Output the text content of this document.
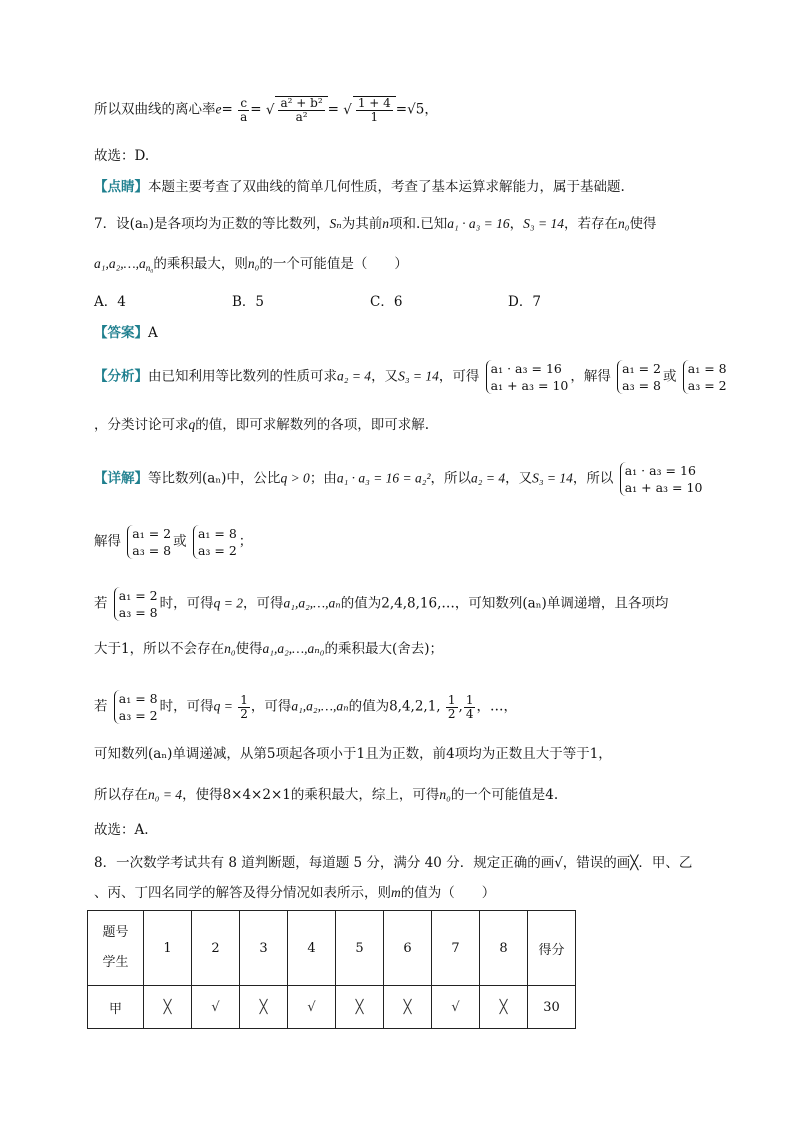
所以双曲线的离心率$e= \frac{c}{a}$ = √ $\frac{\text{a² + b²}}{\text{a²}}$ = √ $\frac{1 + 4}{1} =√5$，
故选：D.
【点睛】本题主要考查了双曲线的简单几何性质，考查了基本运算求解能力，属于基础题.
7．设(aₙ)是各项均为正数的等比数列，Sₙ为其前n项和.已知a₁ · a₃ = 16，S₃ = 14，若存在n₀使得
$a_1,a_2,\dots,a_{n_0}$的乘积最大，则n₀的一个可能值是（　　）
A．4	B．5	C．6	D．7
【答案】A
【分析】由已知利用等比数列的性质可求a₂ = 4，又S₃ = 14，可得 a₁ · a₃ = 16
a₁ + a₃ = 10
，解得 a₁ = 2
a₃ = 8
或 a₁ = 8
a₃ = 2
，分类讨论可求q的值，即可求解数列的各项，即可求解.
【详解】等比数列(aₙ)中，公比q > 0；由a₁ · a₃ = 16 = a₂²，所以a₂ = 4，又S₃ = 14，所以 a₁ · a₃ = 16
a₁ + a₃ = 10
解得 a₁ = 2
a₃ = 8
或 a₁ = 8
a₃ = 2
；
若 a₁ = 2
a₃ = 8
时，可得q = 2，可得a₁,a₂,…,aₙ的值为2,4,8,16,…，可知数列(aₙ)单调递增，且各项均
大于1，所以不会存在n₀使得a₁,a₂,…,aₙ₀的乘积最大(舍去)；
若 a₁ = 8
a₃ = 2
时，可得$q = \frac{1}{2}$ ，可得a₁,a₂,…,aₙ的值为8,4,2,1, $\frac{1}{2}$ , $\frac{1}{4}$ ，…，
可知数列(aₙ)单调递减，从第5项起各项小于1且为正数，前4项均为正数且大于等于1，
所以存在n₀ = 4，使得8×4×2×1的乘积最大，综上，可得n₀的一个可能值是4.
故选：A.
8．一次数学考试共有 8 道判断题，每道题 5 分，满分 40 分．规定正确的画√，错误的画╳．甲、乙
、丙、丁四名同学的解答及得分情况如表所示，则m的值为（　　）
题号
学生	1	2	3	4	5	6	7	8	得分
甲	╳	√	╳	√	╳	╳	√	╳	30
